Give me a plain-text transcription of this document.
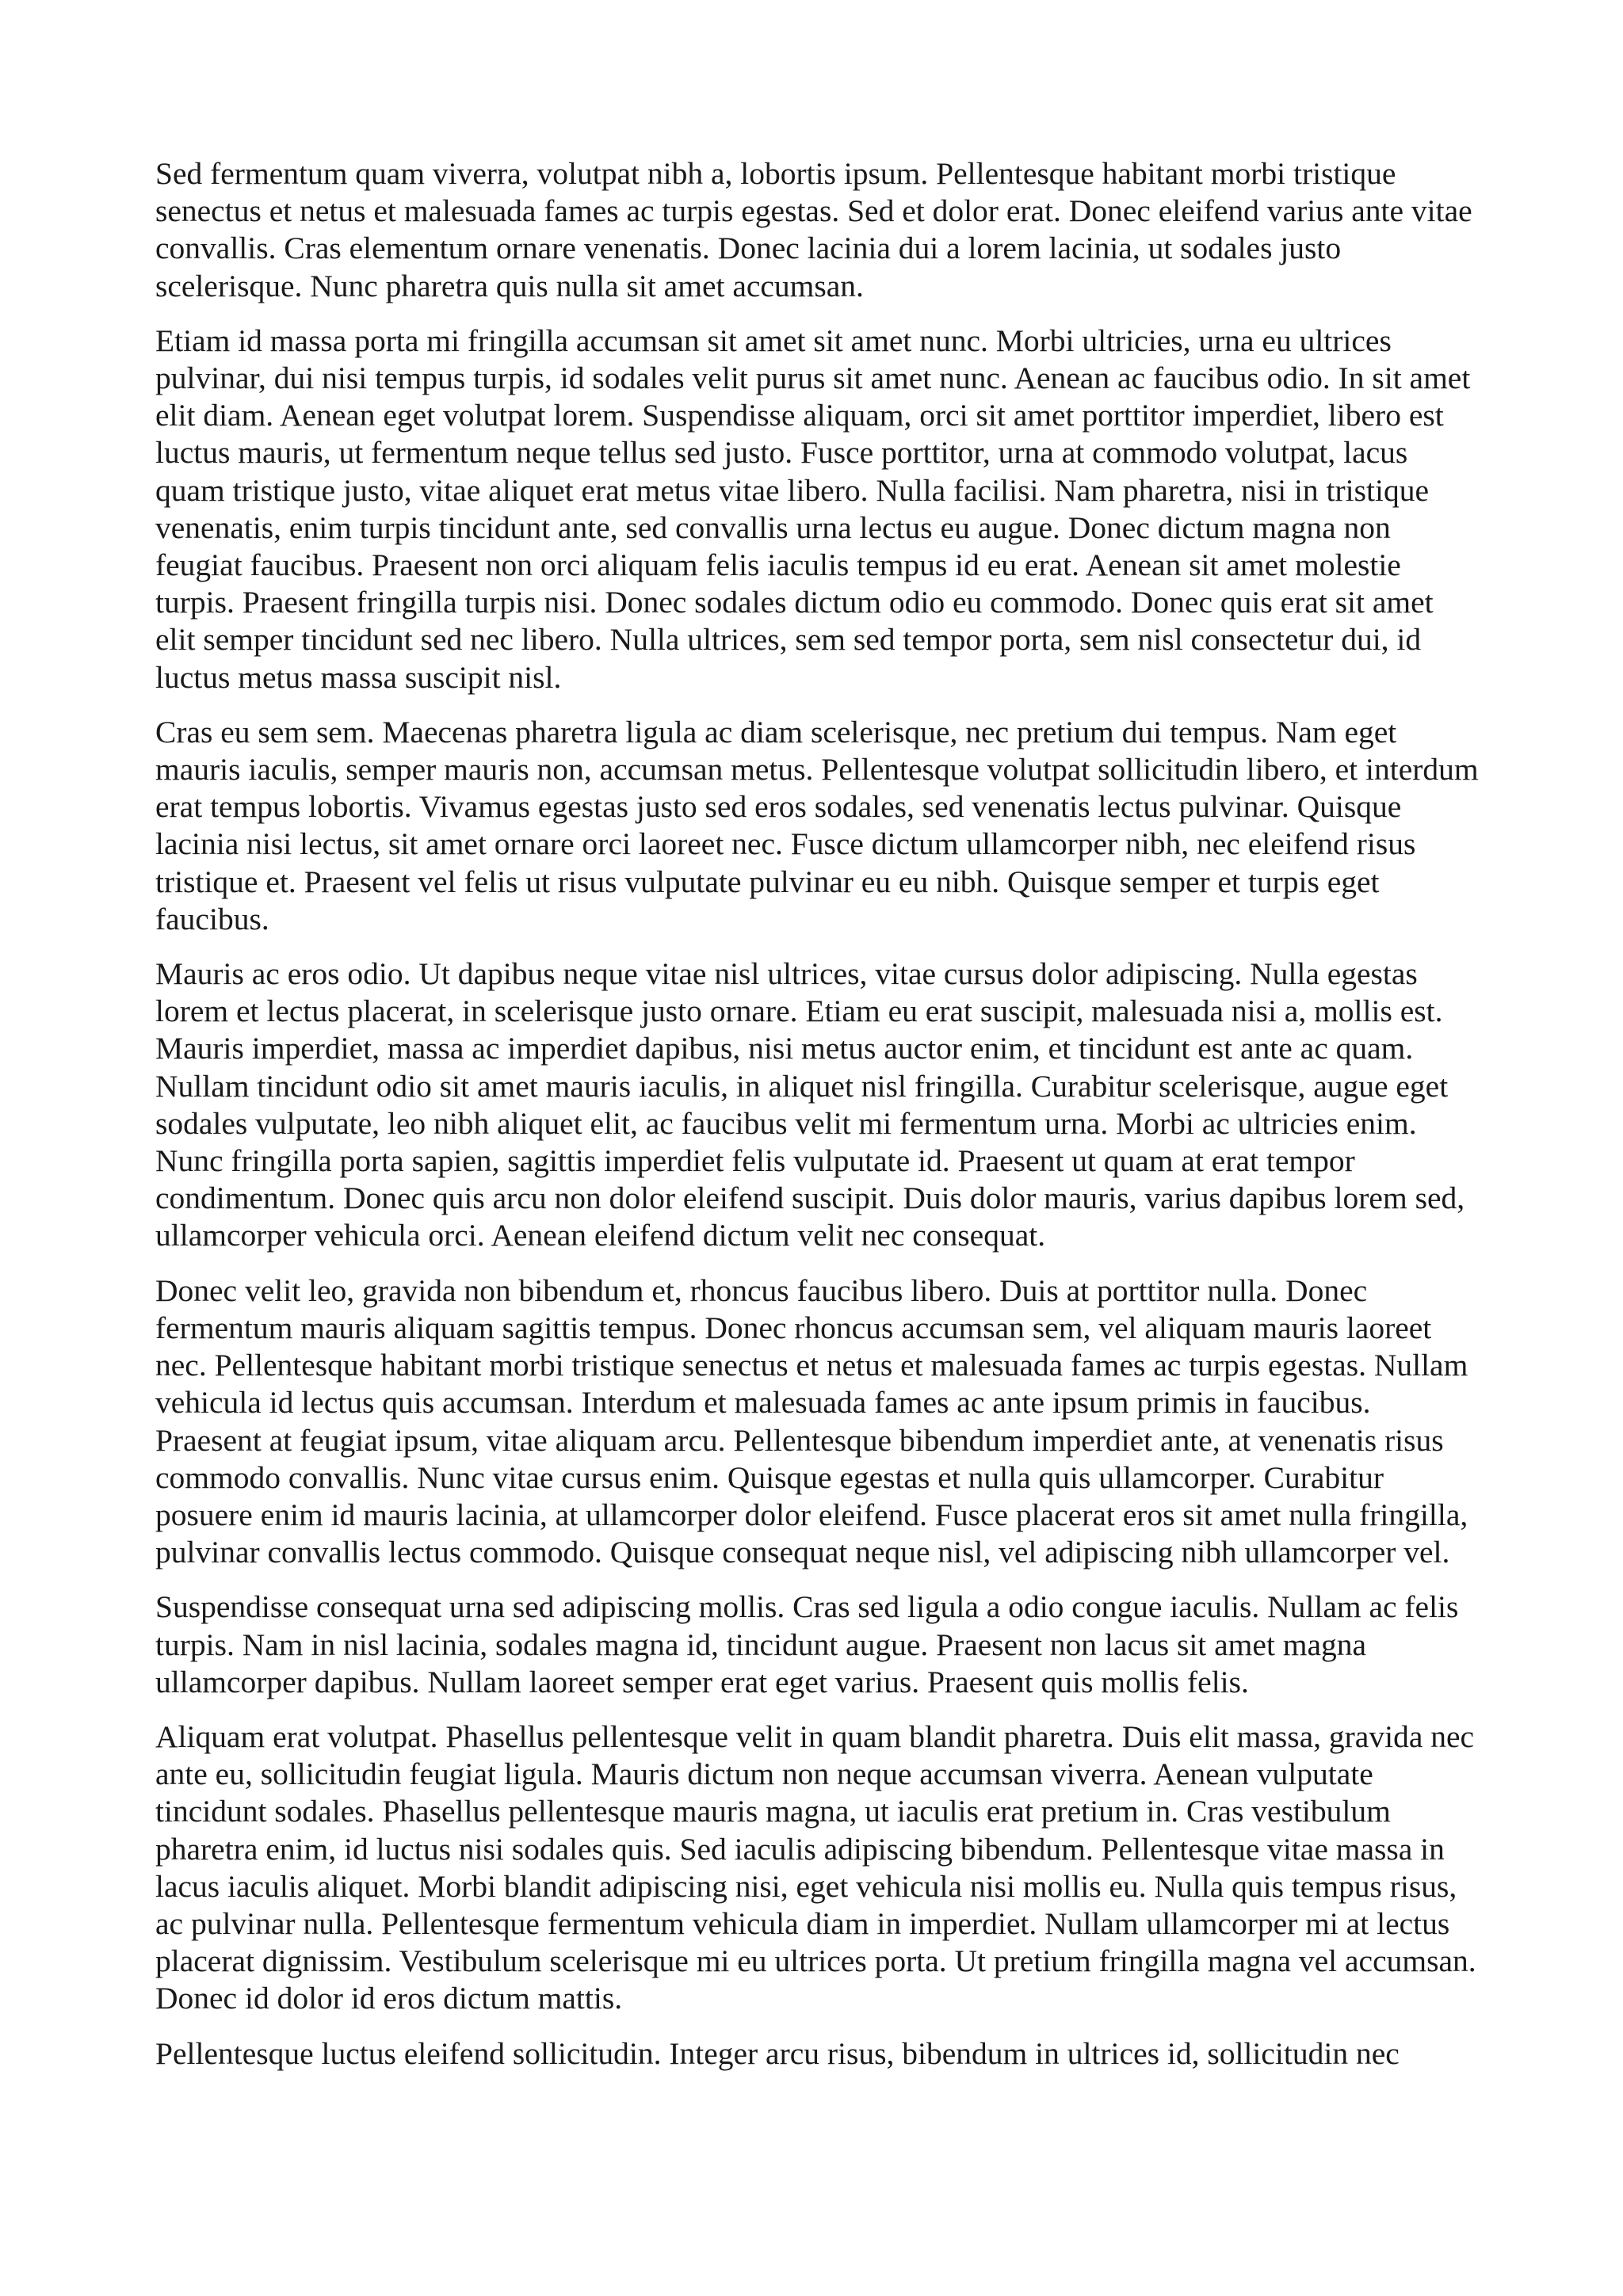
Sed fermentum quam viverra, volutpat nibh a, lobortis ipsum. Pellentesque habitant morbi tristique senectus et netus et malesuada fames ac turpis egestas. Sed et dolor erat. Donec eleifend varius ante vitae convallis. Cras elementum ornare venenatis. Donec lacinia dui a lorem lacinia, ut sodales justo scelerisque. Nunc pharetra quis nulla sit amet accumsan.

Etiam id massa porta mi fringilla accumsan sit amet sit amet nunc. Morbi ultricies, urna eu ultrices pulvinar, dui nisi tempus turpis, id sodales velit purus sit amet nunc. Aenean ac faucibus odio. In sit amet elit diam. Aenean eget volutpat lorem. Suspendisse aliquam, orci sit amet porttitor imperdiet, libero est luctus mauris, ut fermentum neque tellus sed justo. Fusce porttitor, urna at commodo volutpat, lacus quam tristique justo, vitae aliquet erat metus vitae libero. Nulla facilisi. Nam pharetra, nisi in tristique venenatis, enim turpis tincidunt ante, sed convallis urna lectus eu augue. Donec dictum magna non feugiat faucibus. Praesent non orci aliquam felis iaculis tempus id eu erat. Aenean sit amet molestie turpis. Praesent fringilla turpis nisi. Donec sodales dictum odio eu commodo. Donec quis erat sit amet elit semper tincidunt sed nec libero. Nulla ultrices, sem sed tempor porta, sem nisl consectetur dui, id luctus metus massa suscipit nisl.

Cras eu sem sem. Maecenas pharetra ligula ac diam scelerisque, nec pretium dui tempus. Nam eget mauris iaculis, semper mauris non, accumsan metus. Pellentesque volutpat sollicitudin libero, et interdum erat tempus lobortis. Vivamus egestas justo sed eros sodales, sed venenatis lectus pulvinar. Quisque lacinia nisi lectus, sit amet ornare orci laoreet nec. Fusce dictum ullamcorper nibh, nec eleifend risus tristique et. Praesent vel felis ut risus vulputate pulvinar eu eu nibh. Quisque semper et turpis eget faucibus.

Mauris ac eros odio. Ut dapibus neque vitae nisl ultrices, vitae cursus dolor adipiscing. Nulla egestas lorem et lectus placerat, in scelerisque justo ornare. Etiam eu erat suscipit, malesuada nisi a, mollis est. Mauris imperdiet, massa ac imperdiet dapibus, nisi metus auctor enim, et tincidunt est ante ac quam. Nullam tincidunt odio sit amet mauris iaculis, in aliquet nisl fringilla. Curabitur scelerisque, augue eget sodales vulputate, leo nibh aliquet elit, ac faucibus velit mi fermentum urna. Morbi ac ultricies enim. Nunc fringilla porta sapien, sagittis imperdiet felis vulputate id. Praesent ut quam at erat tempor condimentum. Donec quis arcu non dolor eleifend suscipit. Duis dolor mauris, varius dapibus lorem sed, ullamcorper vehicula orci. Aenean eleifend dictum velit nec consequat.

Donec velit leo, gravida non bibendum et, rhoncus faucibus libero. Duis at porttitor nulla. Donec fermentum mauris aliquam sagittis tempus. Donec rhoncus accumsan sem, vel aliquam mauris laoreet nec. Pellentesque habitant morbi tristique senectus et netus et malesuada fames ac turpis egestas. Nullam vehicula id lectus quis accumsan. Interdum et malesuada fames ac ante ipsum primis in faucibus. Praesent at feugiat ipsum, vitae aliquam arcu. Pellentesque bibendum imperdiet ante, at venenatis risus commodo convallis. Nunc vitae cursus enim. Quisque egestas et nulla quis ullamcorper. Curabitur posuere enim id mauris lacinia, at ullamcorper dolor eleifend. Fusce placerat eros sit amet nulla fringilla, pulvinar convallis lectus commodo. Quisque consequat neque nisl, vel adipiscing nibh ullamcorper vel.

Suspendisse consequat urna sed adipiscing mollis. Cras sed ligula a odio congue iaculis. Nullam ac felis turpis. Nam in nisl lacinia, sodales magna id, tincidunt augue. Praesent non lacus sit amet magna ullamcorper dapibus. Nullam laoreet semper erat eget varius. Praesent quis mollis felis.

Aliquam erat volutpat. Phasellus pellentesque velit in quam blandit pharetra. Duis elit massa, gravida nec ante eu, sollicitudin feugiat ligula. Mauris dictum non neque accumsan viverra. Aenean vulputate tincidunt sodales. Phasellus pellentesque mauris magna, ut iaculis erat pretium in. Cras vestibulum pharetra enim, id luctus nisi sodales quis. Sed iaculis adipiscing bibendum. Pellentesque vitae massa in lacus iaculis aliquet. Morbi blandit adipiscing nisi, eget vehicula nisi mollis eu. Nulla quis tempus risus, ac pulvinar nulla. Pellentesque fermentum vehicula diam in imperdiet. Nullam ullamcorper mi at lectus placerat dignissim. Vestibulum scelerisque mi eu ultrices porta. Ut pretium fringilla magna vel accumsan. Donec id dolor id eros dictum mattis.

Pellentesque luctus eleifend sollicitudin. Integer arcu risus, bibendum in ultrices id, sollicitudin nec
